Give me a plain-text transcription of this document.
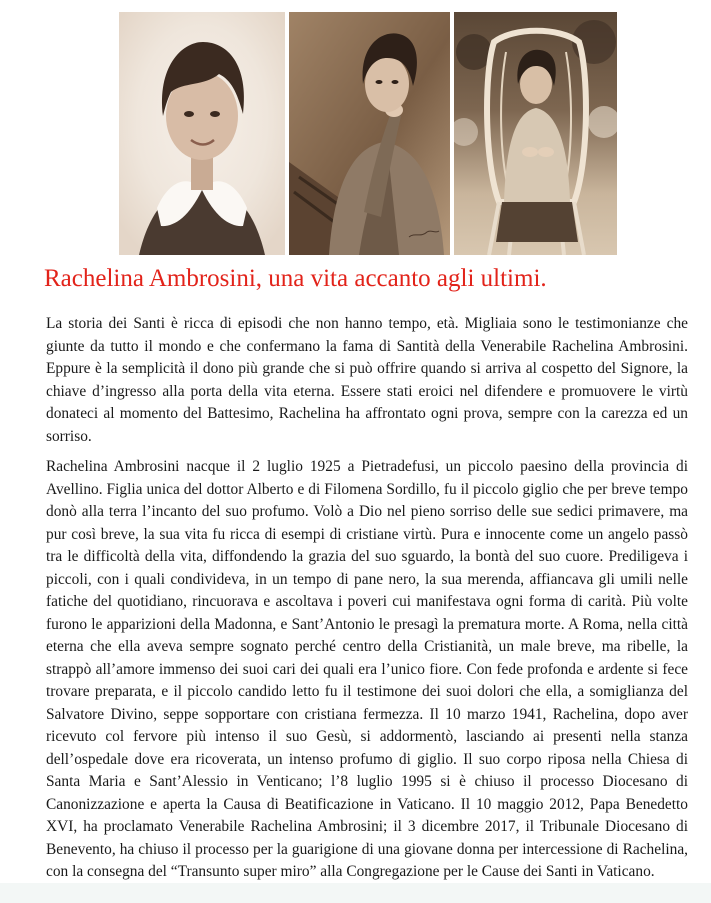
Rachelina Ambrosini, una vita accanto agli ultimi.

La storia dei Santi è ricca di episodi che non hanno tempo, età. Migliaia sono le testimonianze che giunte da tutto il mondo e che confermano la fama di Santità della Venerabile Rachelina Ambrosini. Eppure è la semplicità il dono più grande che si può offrire quando si arriva al cospetto del Signore, la chiave d’ingresso alla porta della vita eterna. Essere stati eroici nel difendere e promuovere le virtù donateci al momento del Battesimo, Rachelina ha affrontato ogni prova, sempre con la carezza ed un sorriso.

Rachelina Ambrosini nacque il 2 luglio 1925 a Pietradefusi, un piccolo paesino della provincia di Avellino. Figlia unica del dottor Alberto e di Filomena Sordillo, fu il piccolo giglio che per breve tempo donò alla terra l’incanto del suo profumo. Volò a Dio nel pieno sorriso delle sue sedici primavere, ma pur così breve, la sua vita fu ricca di esempi di cristiane virtù. Pura e innocente come un angelo passò tra le difficoltà della vita, diffondendo la grazia del suo sguardo, la bontà del suo cuore. Prediligeva i piccoli, con i quali condivideva, in un tempo di pane nero, la sua merenda, affiancava gli umili nelle fatiche del quotidiano, rincuorava e ascoltava i poveri cui manifestava ogni forma di carità. Più volte furono le apparizioni della Madonna, e Sant’Antonio le presagì la prematura morte. A Roma, nella città eterna che ella aveva sempre sognato perché centro della Cristianità, un male breve, ma ribelle, la strappò all’amore immenso dei suoi cari dei quali era l’unico fiore. Con fede profonda e ardente si fece trovare preparata, e il piccolo candido letto fu il testimone dei suoi dolori che ella, a somiglianza del Salvatore Divino, seppe sopportare con cristiana fermezza. Il 10 marzo 1941, Rachelina, dopo aver ricevuto col fervore più intenso il suo Gesù, si addormentò, lasciando ai presenti nella stanza dell’ospedale dove era ricoverata, un intenso profumo di giglio. Il suo corpo riposa nella Chiesa di Santa Maria e Sant’Alessio in Venticano; l’8 luglio 1995 si è chiuso il processo Diocesano di Canonizzazione e aperta la Causa di Beatificazione in Vaticano. Il 10 maggio 2012, Papa Benedetto XVI, ha proclamato Venerabile Rachelina Ambrosini; il 3 dicembre 2017, il Tribunale Diocesano di Benevento, ha chiuso il processo per la guarigione di una giovane donna per intercessione di Rachelina, con la consegna del “Transunto super miro” alla Congregazione per le Cause dei Santi in Vaticano.
